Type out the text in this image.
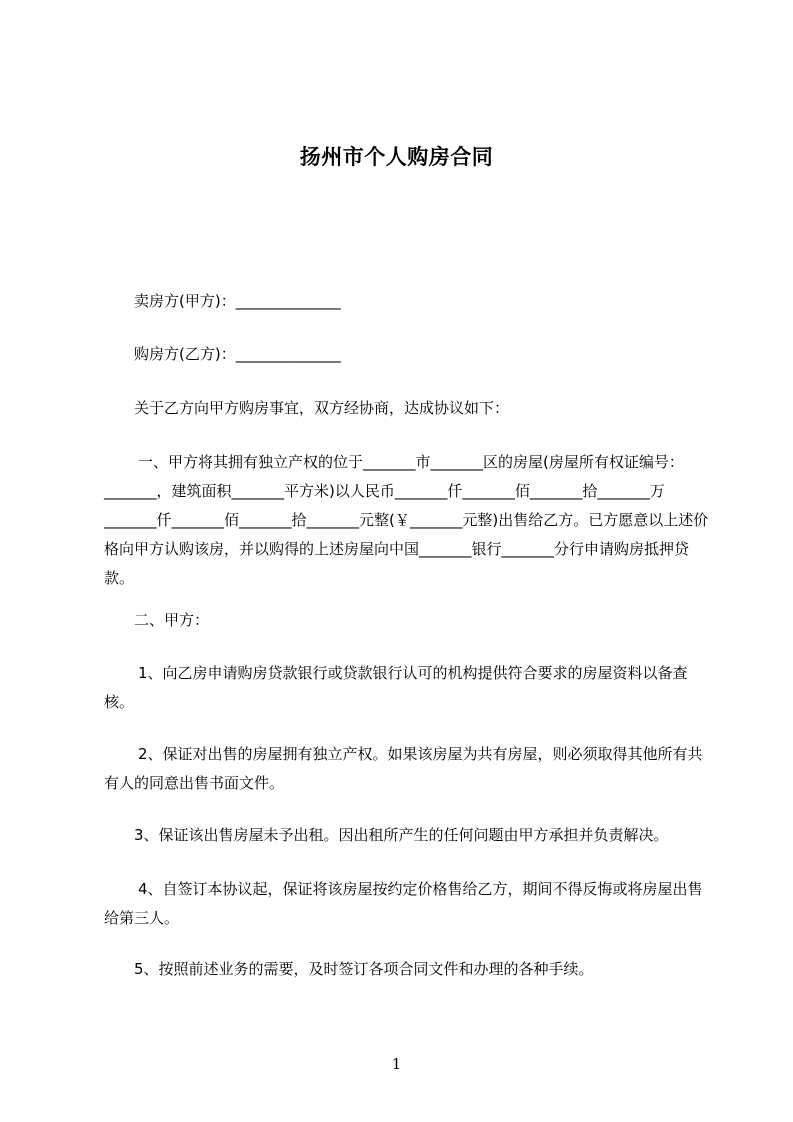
扬州市个人购房合同
卖房方(甲方)：______________
购房方(乙方)：______________
关于乙方向甲方购房事宜，双方经协商，达成协议如下：
一、甲方将其拥有独立产权的位于_______市_______区的房屋(房屋所有权证编号：_______，建筑面积_______平方米)以人民币_______仟_______佰_______拾_______万_______仟_______佰_______拾_______元整(￥_______元整)出售给乙方。已方愿意以上述价格向甲方认购该房，并以购得的上述房屋向中国_______银行_______分行申请购房抵押贷款。
二、甲方：
1、向乙房申请购房贷款银行或贷款银行认可的机构提供符合要求的房屋资料以备查核。
2、保证对出售的房屋拥有独立产权。如果该房屋为共有房屋，则必须取得其他所有共有人的同意出售书面文件。
3、保证该出售房屋未予出租。因出租所产生的任何问题由甲方承担并负责解决。
4、自签订本协议起，保证将该房屋按约定价格售给乙方，期间不得反悔或将房屋出售给第三人。
5、按照前述业务的需要，及时签订各项合同文件和办理的各种手续。
1
